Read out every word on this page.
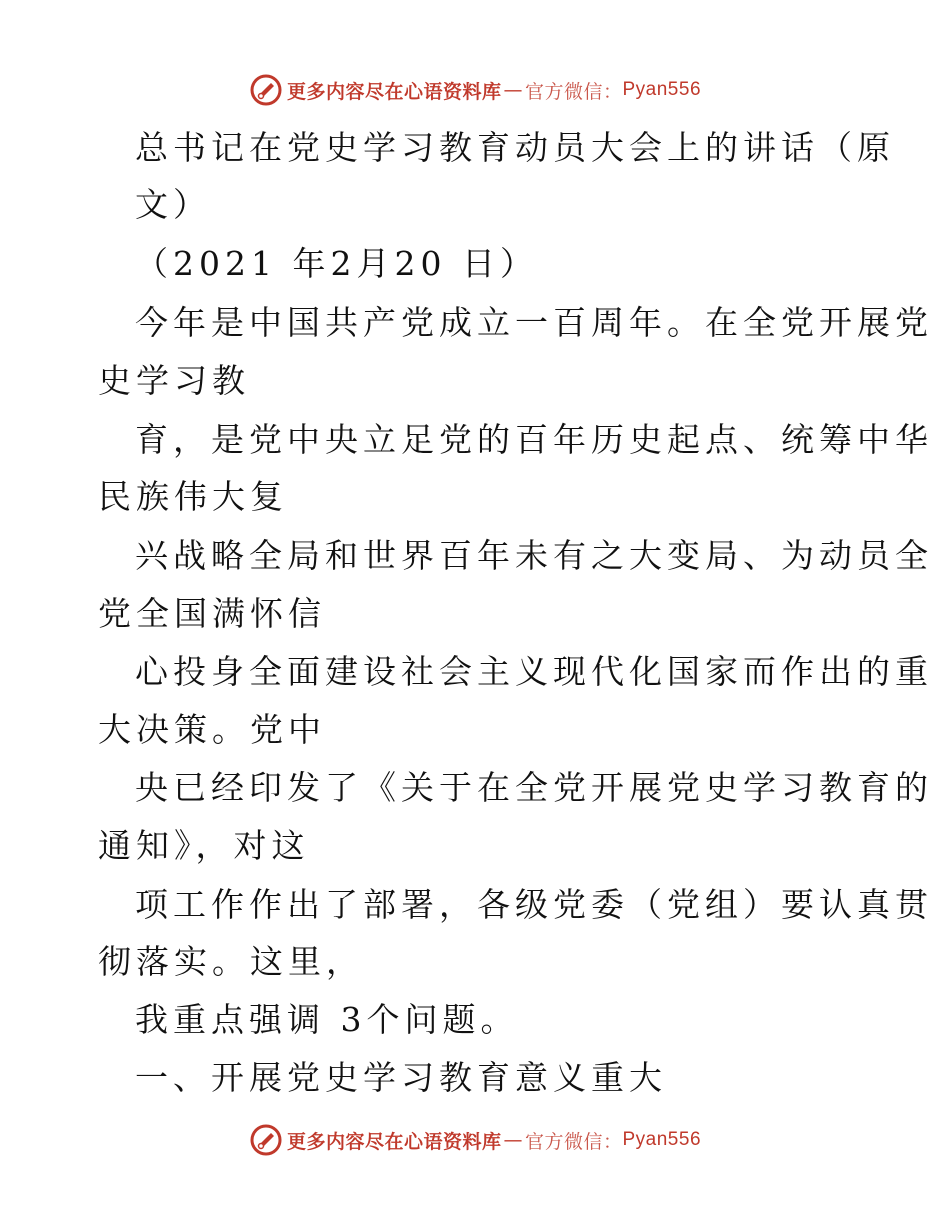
更多内容尽在心语资料库 — 官方微信： Pyan556
总书记在党史学习教育动员大会上的讲话（原
文）
（2021 年2月20 日）
今年是中国共产党成立一百周年。在全党开展党
史学习教
育，是党中央立足党的百年历史起点、统筹中华
民族伟大复
兴战略全局和世界百年未有之大变局、为动员全
党全国满怀信
心投身全面建设社会主义现代化国家而作出的重
大决策。党中
央已经印发了《关于在全党开展党史学习教育的
通知》，对这
项工作作出了部署，各级党委（党组）要认真贯
彻落实。这里，
我重点强调 3个问题。
一、开展党史学习教育意义重大
更多内容尽在心语资料库 — 官方微信： Pyan556
